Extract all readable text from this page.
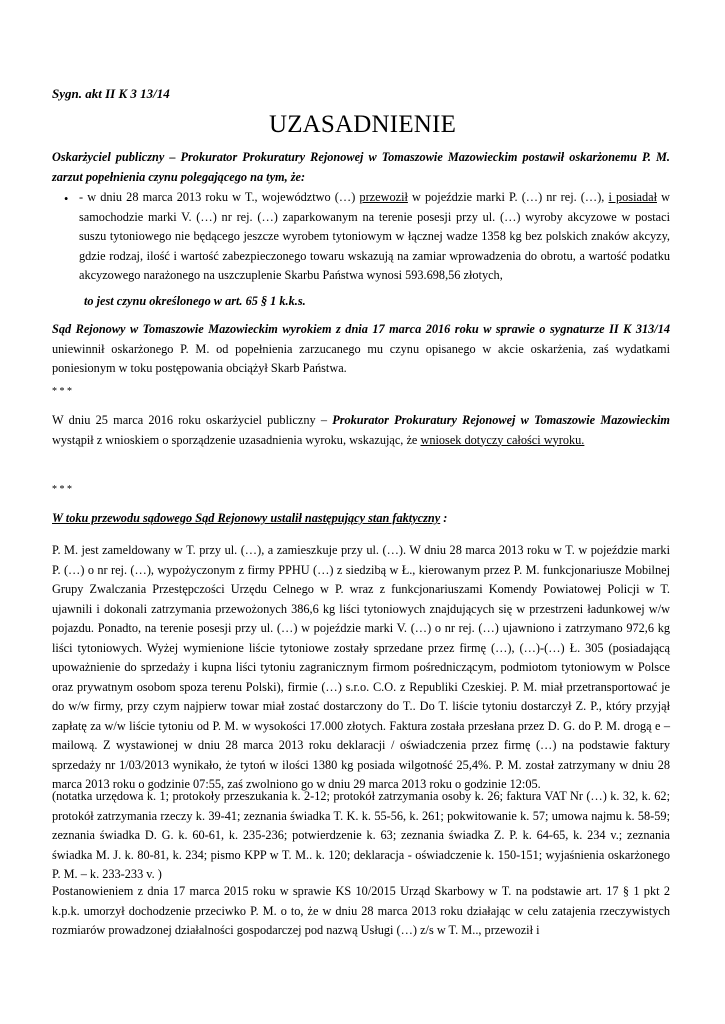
Sygn. akt II K 3 13/14
UZASADNIENIE

Oskarżyciel publiczny – Prokurator Prokuratury Rejonowej w Tomaszowie Mazowieckim postawił oskarżonemu P. M. zarzut popełnienia czynu polegającego na tym, że:

• - w dniu 28 marca 2013 roku w T., województwo (…) przewoził w pojeździe marki P. (…) nr rej. (…), i posiadał w samochodzie marki V. (…) nr rej. (…) zaparkowanym na terenie posesji przy ul. (…) wyroby akcyzowe w postaci suszu tytoniowego nie będącego jeszcze wyrobem tytoniowym w łącznej wadze 1358 kg bez polskich znaków akcyzy, gdzie rodzaj, ilość i wartość zabezpieczonego towaru wskazują na zamiar wprowadzenia do obrotu, a wartość podatku akcyzowego narażonego na uszczuplenie Skarbu Państwa wynosi 593.698,56 złotych,

to jest czynu określonego w art. 65 § 1 k.k.s.

Sąd Rejonowy w Tomaszowie Mazowieckim wyrokiem z dnia 17 marca 2016 roku w sprawie o sygnaturze II K 313/14 uniewinnił oskarżonego P. M. od popełnienia zarzucanego mu czynu opisanego w akcie oskarżenia, zaś wydatkami poniesionym w toku postępowania obciążył Skarb Państwa.

* * *

W dniu 25 marca 2016 roku oskarżyciel publiczny – Prokurator Prokuratury Rejonowej w Tomaszowie Mazowieckim wystąpił z wnioskiem o sporządzenie uzasadnienia wyroku, wskazując, że wniosek dotyczy całości wyroku.

* * *

W toku przewodu sądowego Sąd Rejonowy ustalił następujący stan faktyczny :

P. M. jest zameldowany w T. przy ul. (…), a zamieszkuje przy ul. (…). W dniu 28 marca 2013 roku w T. w pojeździe marki P. (…) o nr rej. (…), wypożyczonym z firmy PPHU (…) z siedzibą w Ł., kierowanym przez P. M. funkcjonariusze Mobilnej Grupy Zwalczania Przestępczości Urzędu Celnego w P. wraz z funkcjonariuszami Komendy Powiatowej Policji w T. ujawnili i dokonali zatrzymania przewożonych 386,6 kg liści tytoniowych znajdujących się w przestrzeni ładunkowej w/w pojazdu. Ponadto, na terenie posesji przy ul. (…) w pojeździe marki V. (…) o nr rej. (…) ujawniono i zatrzymano 972,6 kg liści tytoniowych. Wyżej wymienione liście tytoniowe zostały sprzedane przez firmę (…), (…)-(…) Ł. 305 (posiadającą upoważnienie do sprzedaży i kupna liści tytoniu zagranicznym firmom pośredniczącym, podmiotom tytoniowym w Polsce oraz prywatnym osobom spoza terenu Polski), firmie (…) s.r.o. C.O. z Republiki Czeskiej. P. M. miał przetransportować je do w/w firmy, przy czym najpierw towar miał zostać dostarczony do T.. Do T. liście tytoniu dostarczył Z. P., który przyjął zapłatę za w/w liście tytoniu od P. M. w wysokości 17.000 złotych. Faktura została przesłana przez D. G. do P. M. drogą e – mailową. Z wystawionej w dniu 28 marca 2013 roku deklaracji / oświadczenia przez firmę (…) na podstawie faktury sprzedaży nr 1/03/2013 wynikało, że tytoń w ilości 1380 kg posiada wilgotność 25,4%. P. M. został zatrzymany w dniu 28 marca 2013 roku o godzinie 07:55, zaś zwolniono go w dniu 29 marca 2013 roku o godzinie 12:05.

(notatka urzędowa k. 1; protokoły przeszukania k. 2-12; protokół zatrzymania osoby k. 26; faktura VAT Nr (…) k. 32, k. 62; protokół zatrzymania rzeczy k. 39-41; zeznania świadka T. K. k. 55-56, k. 261; pokwitowanie k. 57; umowa najmu k. 58-59; zeznania świadka D. G. k. 60-61, k. 235-236; potwierdzenie k. 63; zeznania świadka Z. P. k. 64-65, k. 234 v.; zeznania świadka M. J. k. 80-81, k. 234; pismo KPP w T. M.. k. 120; deklaracja - oświadczenie k. 150-151; wyjaśnienia oskarżonego P. M. – k. 233-233 v. )

Postanowieniem z dnia 17 marca 2015 roku w sprawie KS 10/2015 Urząd Skarbowy w T. na podstawie art. 17 § 1 pkt 2 k.p.k. umorzył dochodzenie przeciwko P. M. o to, że w dniu 28 marca 2013 roku działając w celu zatajenia rzeczywistych rozmiarów prowadzonej działalności gospodarczej pod nazwą Usługi (…) z/s w T. M.., przewoził i
